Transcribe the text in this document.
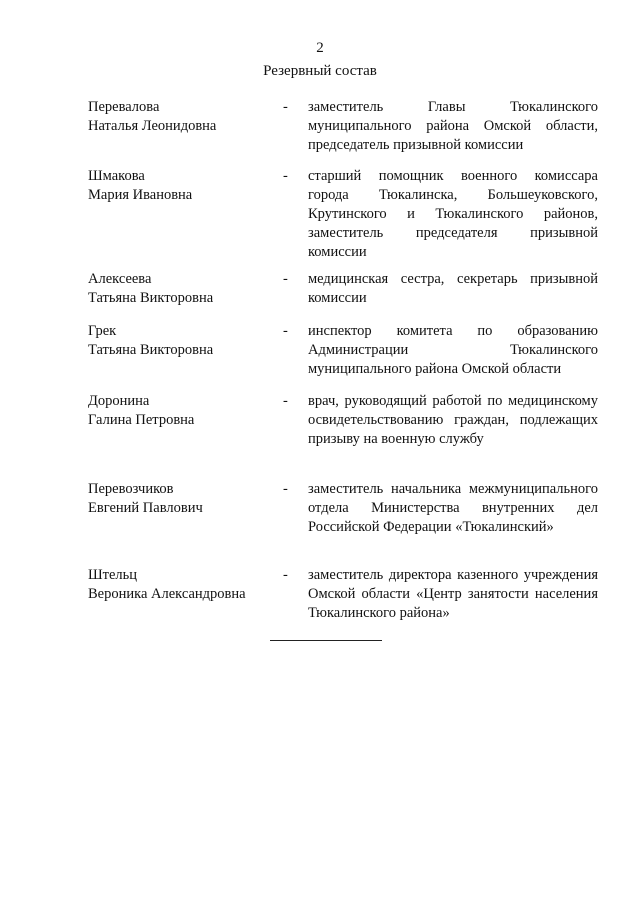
2
Резервный состав
Перевалова
Наталья Леонидовна
- заместитель Главы Тюкалинского муниципального района Омской области, председатель призывной комиссии
Шмакова
Мария Ивановна
- старший помощник военного комиссара города Тюкалинска, Большеуковского, Крутинского и Тюкалинского районов, заместитель председателя призывной комиссии
Алексеева
Татьяна Викторовна
- медицинская сестра, секретарь призывной комиссии
Грек
Татьяна Викторовна
- инспектор комитета по образованию Администрации Тюкалинского муниципального района Омской области
Доронина
Галина Петровна
- врач, руководящий работой по медицинскому освидетельствованию граждан, подлежащих призыву на военную службу
Перевозчиков
Евгений Павлович
- заместитель начальника межмуниципального отдела Министерства внутренних дел Российской Федерации «Тюкалинский»
Штельц
Вероника Александровна
- заместитель директора казенного учреждения Омской области «Центр занятости населения Тюкалинского района»
